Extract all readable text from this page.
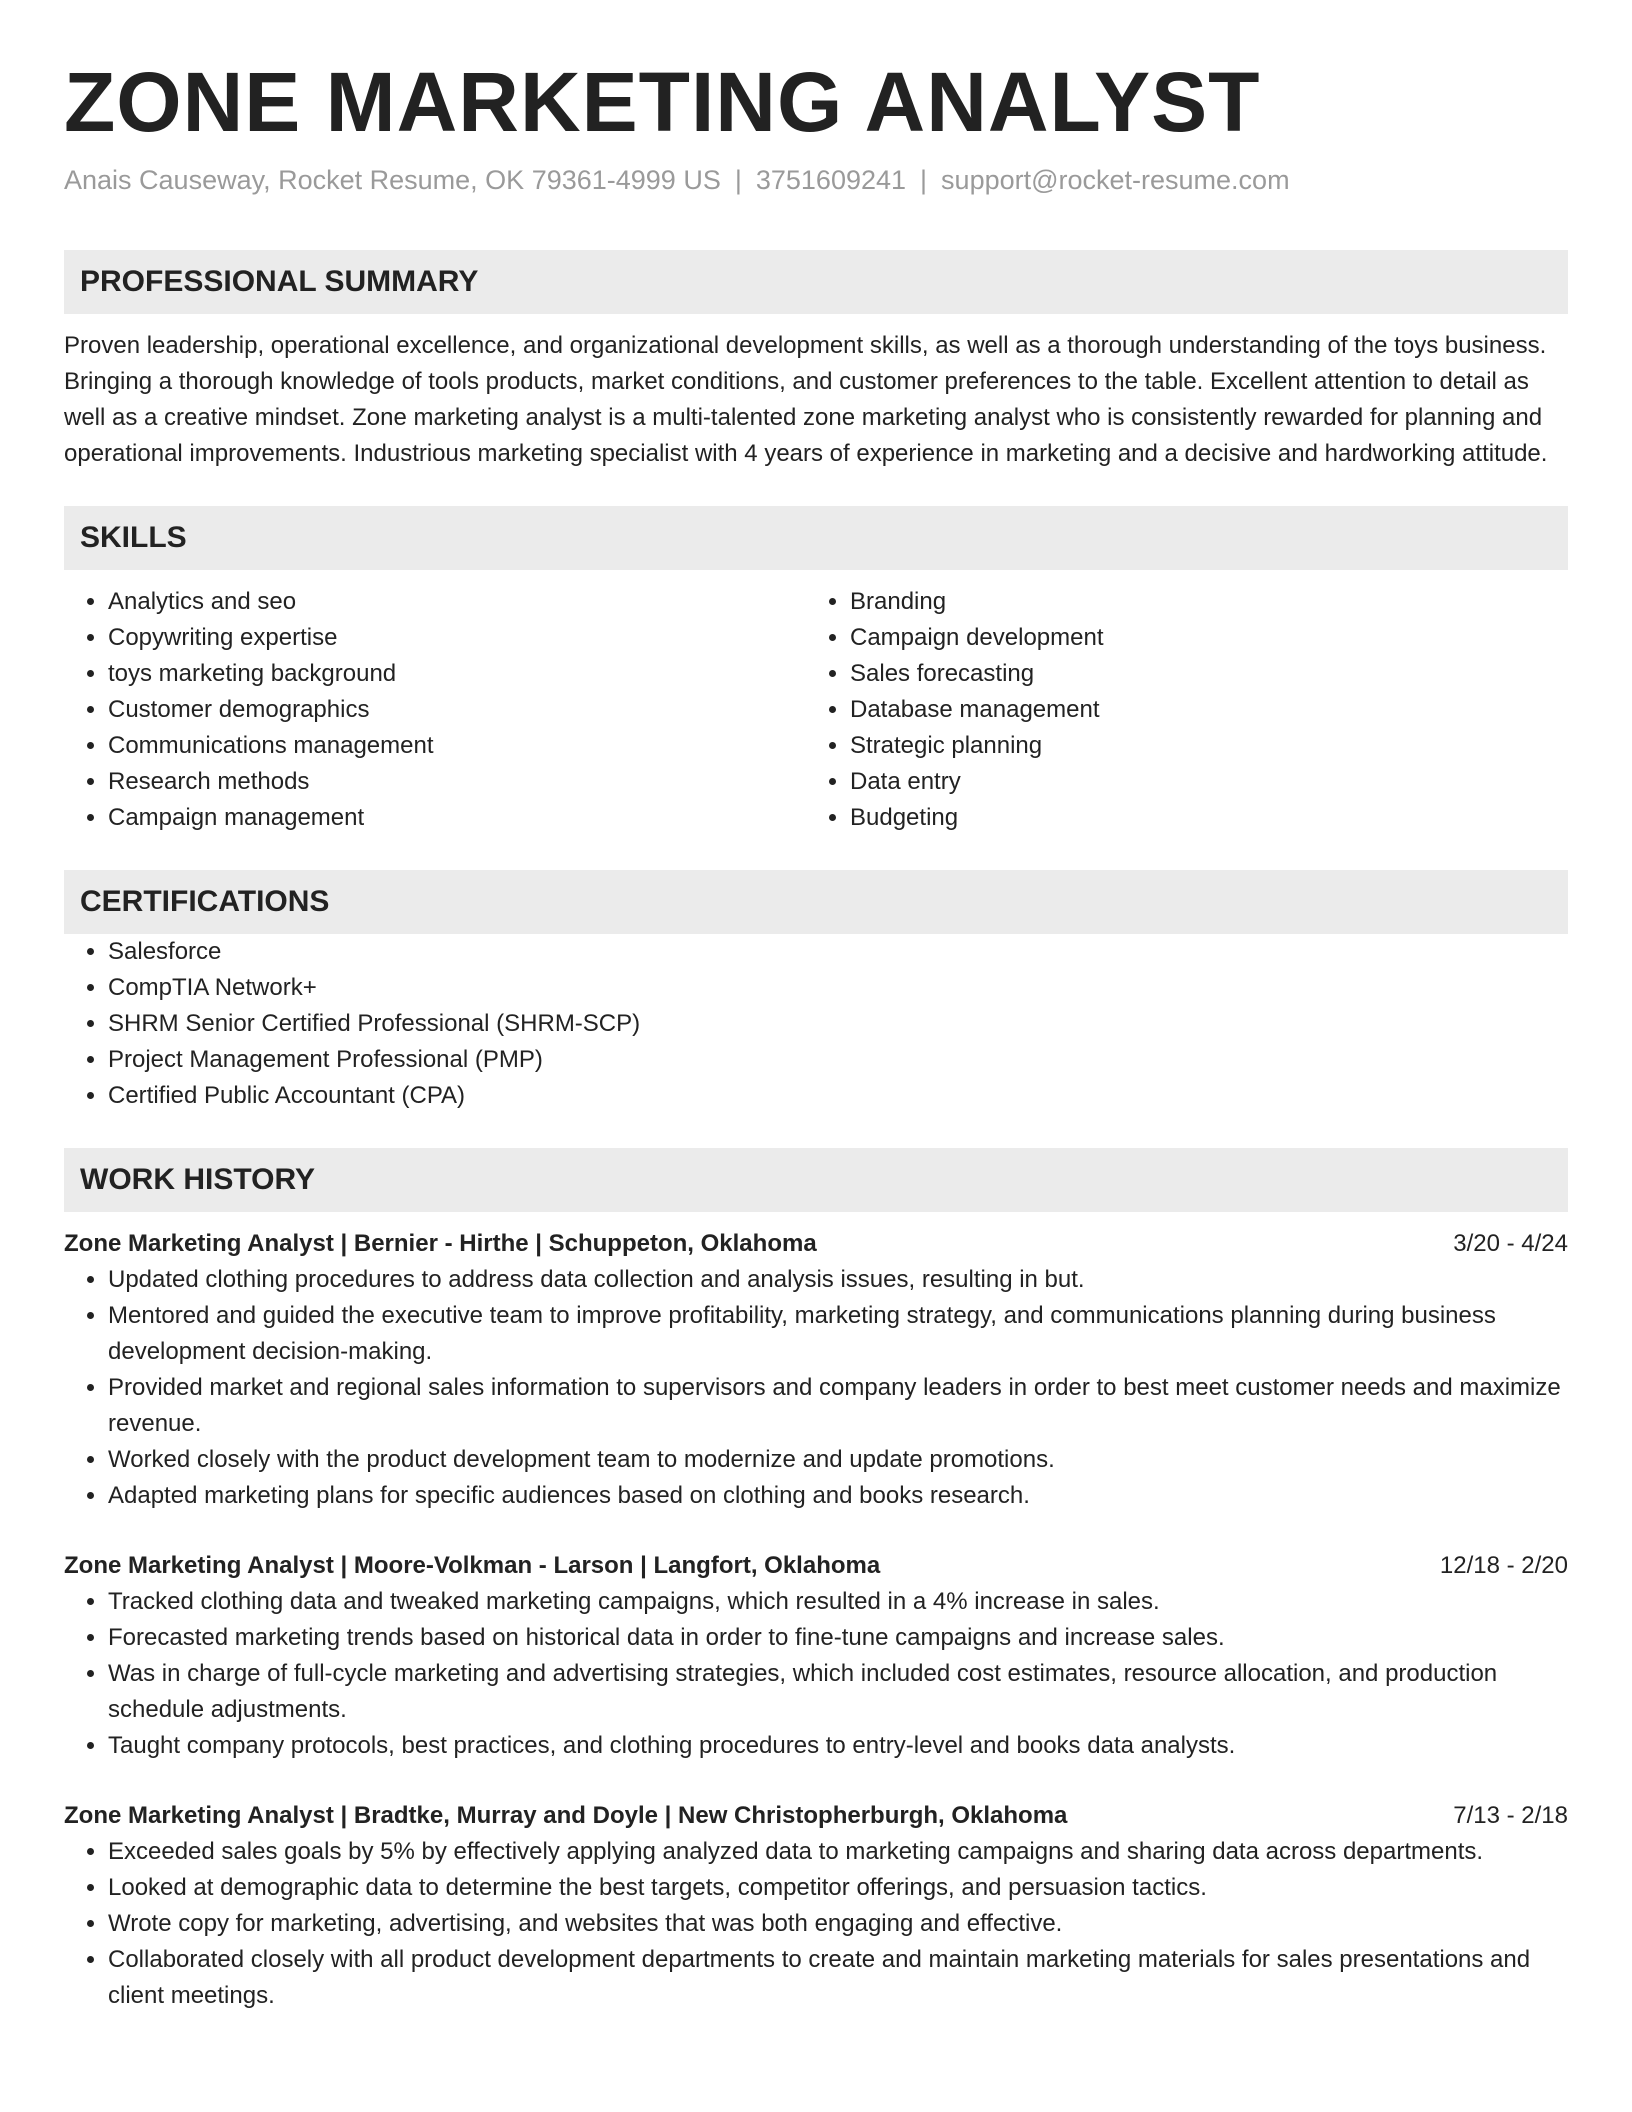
ZONE MARKETING ANALYST
Anais Causeway, Rocket Resume, OK 79361-4999 US | 3751609241 | support@rocket-resume.com
PROFESSIONAL SUMMARY
Proven leadership, operational excellence, and organizational development skills, as well as a thorough understanding of the toys business. Bringing a thorough knowledge of tools products, market conditions, and customer preferences to the table. Excellent attention to detail as well as a creative mindset. Zone marketing analyst is a multi-talented zone marketing analyst who is consistently rewarded for planning and operational improvements. Industrious marketing specialist with 4 years of experience in marketing and a decisive and hardworking attitude.
SKILLS
• Analytics and seo
• Copywriting expertise
• toys marketing background
• Customer demographics
• Communications management
• Research methods
• Campaign management
• Branding
• Campaign development
• Sales forecasting
• Database management
• Strategic planning
• Data entry
• Budgeting
CERTIFICATIONS
• Salesforce
• CompTIA Network+
• SHRM Senior Certified Professional (SHRM-SCP)
• Project Management Professional (PMP)
• Certified Public Accountant (CPA)
WORK HISTORY
Zone Marketing Analyst | Bernier - Hirthe | Schuppeton, Oklahoma	3/20 - 4/24
• Updated clothing procedures to address data collection and analysis issues, resulting in but.
• Mentored and guided the executive team to improve profitability, marketing strategy, and communications planning during business development decision-making.
• Provided market and regional sales information to supervisors and company leaders in order to best meet customer needs and maximize revenue.
• Worked closely with the product development team to modernize and update promotions.
• Adapted marketing plans for specific audiences based on clothing and books research.
Zone Marketing Analyst | Moore-Volkman - Larson | Langfort, Oklahoma	12/18 - 2/20
• Tracked clothing data and tweaked marketing campaigns, which resulted in a 4% increase in sales.
• Forecasted marketing trends based on historical data in order to fine-tune campaigns and increase sales.
• Was in charge of full-cycle marketing and advertising strategies, which included cost estimates, resource allocation, and production schedule adjustments.
• Taught company protocols, best practices, and clothing procedures to entry-level and books data analysts.
Zone Marketing Analyst | Bradtke, Murray and Doyle | New Christopherburgh, Oklahoma	7/13 - 2/18
• Exceeded sales goals by 5% by effectively applying analyzed data to marketing campaigns and sharing data across departments.
• Looked at demographic data to determine the best targets, competitor offerings, and persuasion tactics.
• Wrote copy for marketing, advertising, and websites that was both engaging and effective.
• Collaborated closely with all product development departments to create and maintain marketing materials for sales presentations and client meetings.
